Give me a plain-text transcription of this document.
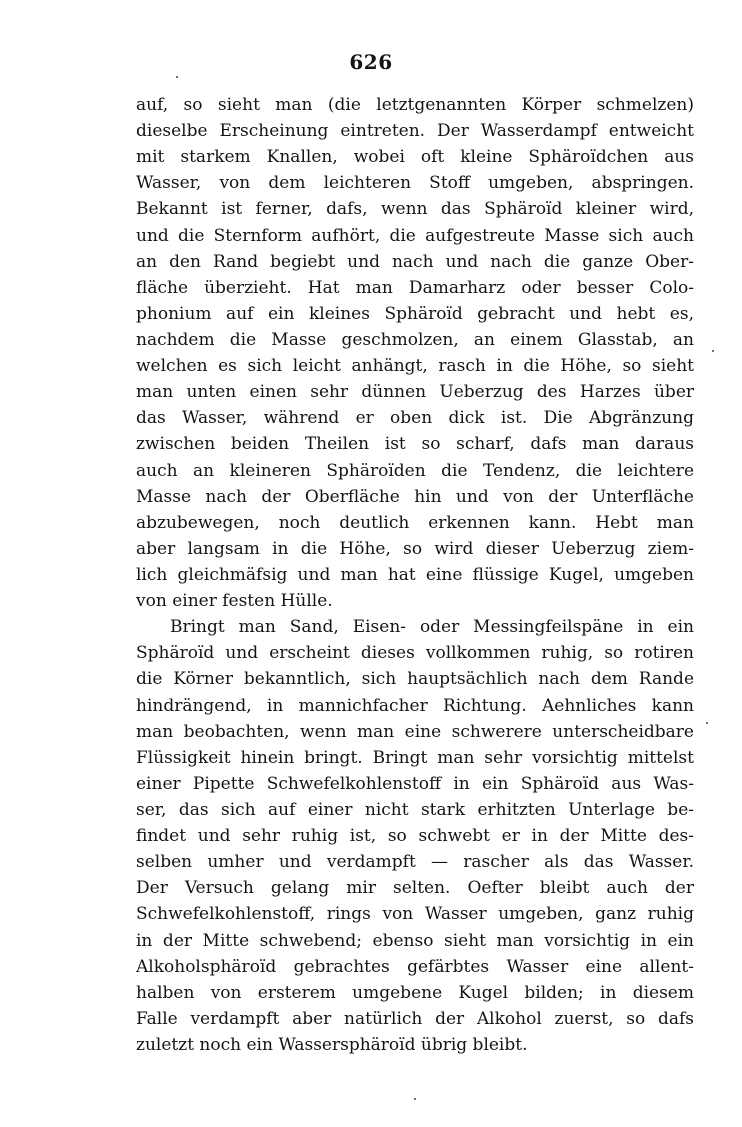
626
auf, so sieht man (die letztgenannten Körper schmelzen)
dieselbe Erscheinung eintreten. Der Wasserdampf entweicht
mit starkem Knallen, wobei oft kleine Sphäroïdchen aus
Wasser, von dem leichteren Stoff umgeben, abspringen.
Bekannt ist ferner, dafs, wenn das Sphäroïd kleiner wird,
und die Sternform aufhört, die aufgestreute Masse sich auch
an den Rand begiebt und nach und nach die ganze Ober-
fläche überzieht. Hat man Damarharz oder besser Colo-
phonium auf ein kleines Sphäroïd gebracht und hebt es,
nachdem die Masse geschmolzen, an einem Glasstab, an
welchen es sich leicht anhängt, rasch in die Höhe, so sieht
man unten einen sehr dünnen Ueberzug des Harzes über
das Wasser, während er oben dick ist. Die Abgränzung
zwischen beiden Theilen ist so scharf, dafs man daraus
auch an kleineren Sphäroïden die Tendenz, die leichtere
Masse nach der Oberfläche hin und von der Unterfläche
abzubewegen, noch deutlich erkennen kann. Hebt man
aber langsam in die Höhe, so wird dieser Ueberzug ziem-
lich gleichmäfsig und man hat eine flüssige Kugel, umgeben
von einer festen Hülle.
Bringt man Sand, Eisen- oder Messingfeilspäne in ein
Sphäroïd und erscheint dieses vollkommen ruhig, so rotiren
die Körner bekanntlich, sich hauptsächlich nach dem Rande
hindrängend, in mannichfacher Richtung. Aehnliches kann
man beobachten, wenn man eine schwerere unterscheidbare
Flüssigkeit hinein bringt. Bringt man sehr vorsichtig mittelst
einer Pipette Schwefelkohlenstoff in ein Sphäroïd aus Was-
ser, das sich auf einer nicht stark erhitzten Unterlage be-
findet und sehr ruhig ist, so schwebt er in der Mitte des-
selben umher und verdampft — rascher als das Wasser.
Der Versuch gelang mir selten. Oefter bleibt auch der
Schwefelkohlenstoff, rings von Wasser umgeben, ganz ruhig
in der Mitte schwebend; ebenso sieht man vorsichtig in ein
Alkoholsphäroïd gebrachtes gefärbtes Wasser eine allent-
halben von ersterem umgebene Kugel bilden; in diesem
Falle verdampft aber natürlich der Alkohol zuerst, so dafs
zuletzt noch ein Wassersphäroïd übrig bleibt.
